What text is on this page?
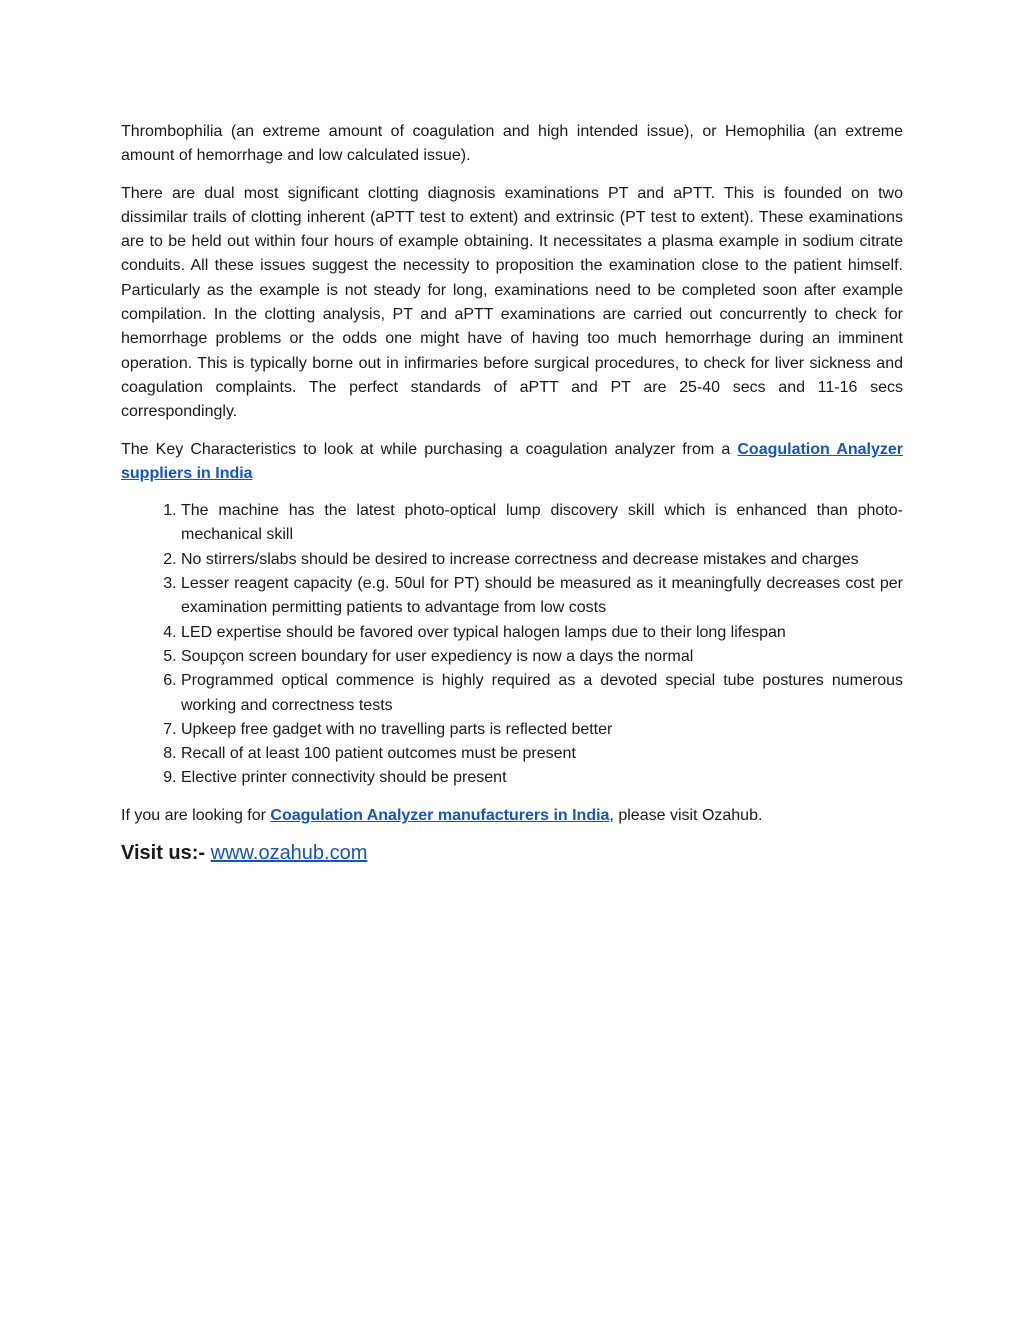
Thrombophilia (an extreme amount of coagulation and high intended issue), or Hemophilia (an extreme amount of hemorrhage and low calculated issue).

There are dual most significant clotting diagnosis examinations PT and aPTT. This is founded on two dissimilar trails of clotting inherent (aPTT test to extent) and extrinsic (PT test to extent). These examinations are to be held out within four hours of example obtaining. It necessitates a plasma example in sodium citrate conduits. All these issues suggest the necessity to proposition the examination close to the patient himself. Particularly as the example is not steady for long, examinations need to be completed soon after example compilation. In the clotting analysis, PT and aPTT examinations are carried out concurrently to check for hemorrhage problems or the odds one might have of having too much hemorrhage during an imminent operation. This is typically borne out in infirmaries before surgical procedures, to check for liver sickness and coagulation complaints. The perfect standards of aPTT and PT are 25-40 secs and 11-16 secs correspondingly.

The Key Characteristics to look at while purchasing a coagulation analyzer from a Coagulation Analyzer suppliers in India

1. The machine has the latest photo-optical lump discovery skill which is enhanced than photo-mechanical skill
2. No stirrers/slabs should be desired to increase correctness and decrease mistakes and charges
3. Lesser reagent capacity (e.g. 50ul for PT) should be measured as it meaningfully decreases cost per examination permitting patients to advantage from low costs
4. LED expertise should be favored over typical halogen lamps due to their long lifespan
5. Soupçon screen boundary for user expediency is now a days the normal
6. Programmed optical commence is highly required as a devoted special tube postures numerous working and correctness tests
7. Upkeep free gadget with no travelling parts is reflected better
8. Recall of at least 100 patient outcomes must be present
9. Elective printer connectivity should be present

If you are looking for Coagulation Analyzer manufacturers in India, please visit Ozahub.

Visit us:- www.ozahub.com
